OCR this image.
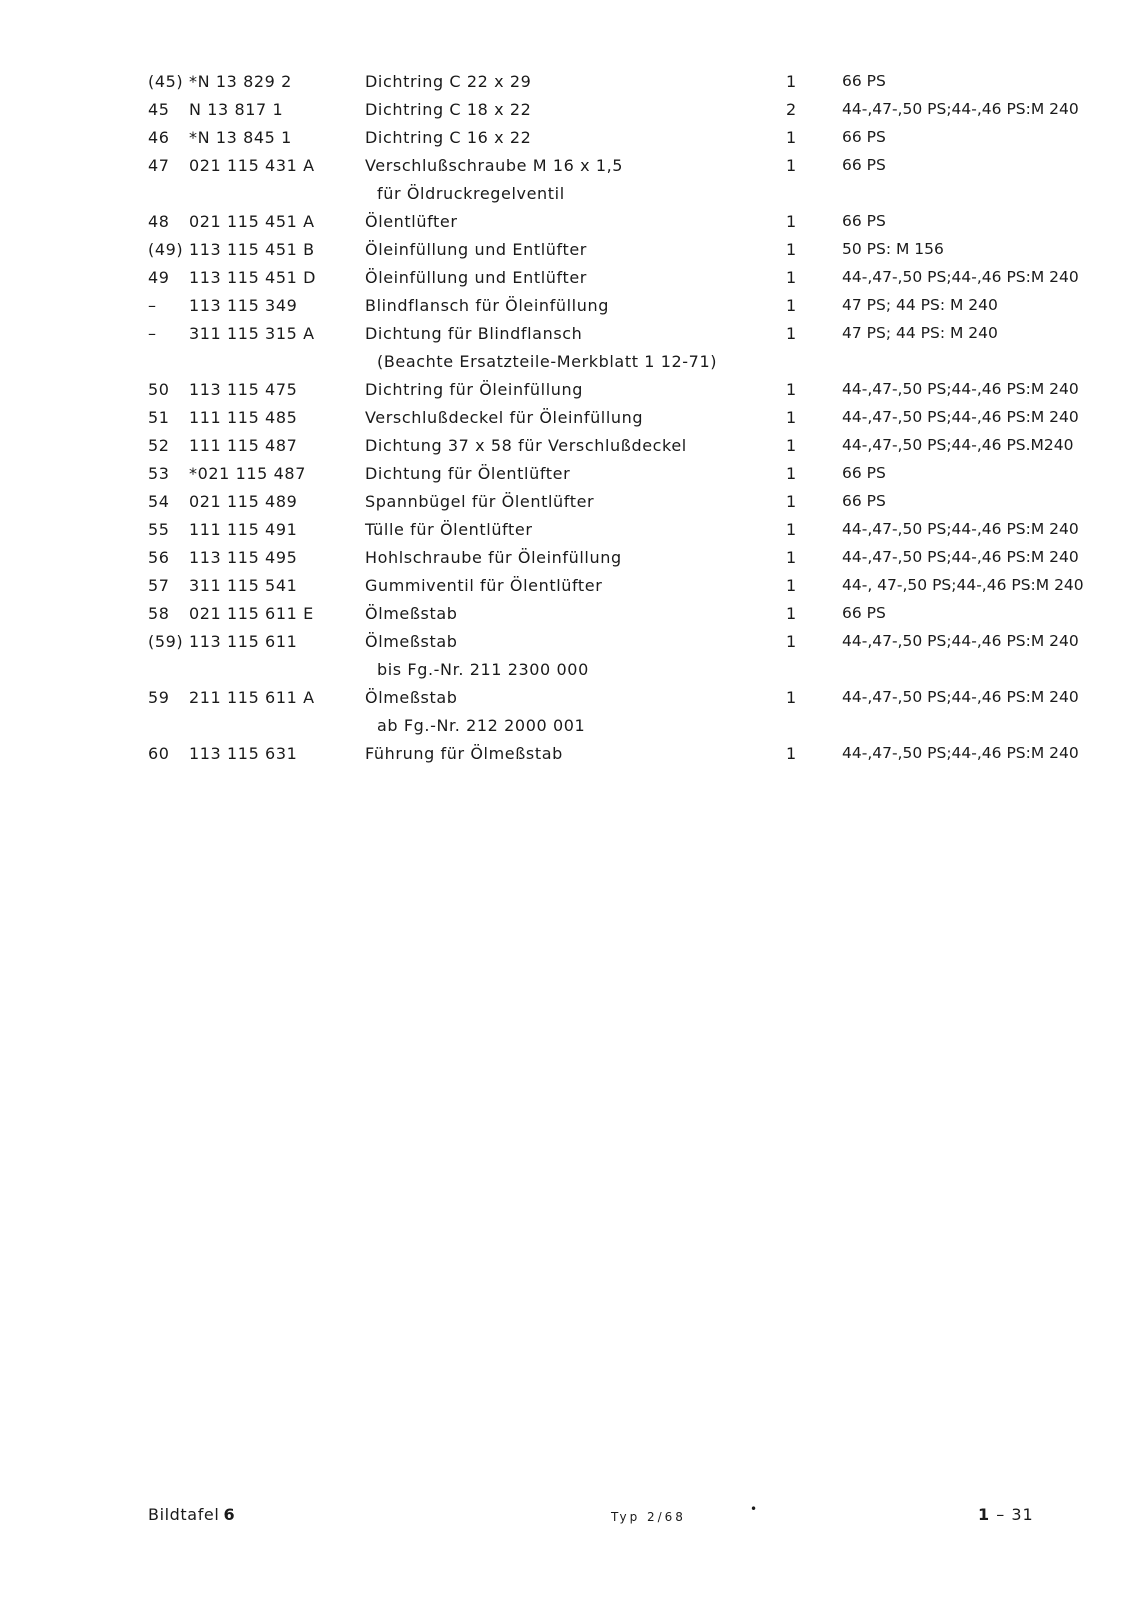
(45) *N 13 829 2	Dichtring C 22 x 29	1	66 PS
45 N 13 817 1	Dichtring C 18 x 22	2	44-,47-,50 PS;44-,46 PS:M 240
46 *N 13 845 1	Dichtring C 16 x 22	1	66 PS
47 021 115 431 A	Verschlußschraube M 16 x 1,5	1	66 PS
für Öldruckregelventil
48 021 115 451 A	Ölentlüfter	1	66 PS
(49) 113 115 451 B	Öleinfüllung und Entlüfter	1	50 PS: M 156
49 113 115 451 D	Öleinfüllung und Entlüfter	1	44-,47-,50 PS;44-,46 PS:M 240
– 113 115 349	Blindflansch für Öleinfüllung	1	47 PS; 44 PS: M 240
– 311 115 315 A	Dichtung für Blindflansch	1	47 PS; 44 PS: M 240
(Beachte Ersatzteile-Merkblatt 1 12-71)
50 113 115 475	Dichtring für Öleinfüllung	1	44-,47-,50 PS;44-,46 PS:M 240
51 111 115 485	Verschlußdeckel für Öleinfüllung	1	44-,47-,50 PS;44-,46 PS:M 240
52 111 115 487	Dichtung 37 x 58 für Verschlußdeckel	1	44-,47-,50 PS;44-,46 PS.M240
53 *021 115 487	Dichtung für Ölentlüfter	1	66 PS
54 021 115 489	Spannbügel für Ölentlüfter	1	66 PS
55 111 115 491	Tülle für Ölentlüfter	1	44-,47-,50 PS;44-,46 PS:M 240
56 113 115 495	Hohlschraube für Öleinfüllung	1	44-,47-,50 PS;44-,46 PS:M 240
57 311 115 541	Gummiventil für Ölentlüfter	1	44-, 47-,50 PS;44-,46 PS:M 240
58 021 115 611 E	Ölmeßstab	1	66 PS
(59) 113 115 611	Ölmeßstab	1	44-,47-,50 PS;44-,46 PS:M 240
bis Fg.-Nr. 211 2300 000
59 211 115 611 A	Ölmeßstab	1	44-,47-,50 PS;44-,46 PS:M 240
ab Fg.-Nr. 212 2000 001
60 113 115 631	Führung für Ölmeßstab	1	44-,47-,50 PS;44-,46 PS:M 240
Bildtafel 6	Typ 2/68
•	1 – 31
